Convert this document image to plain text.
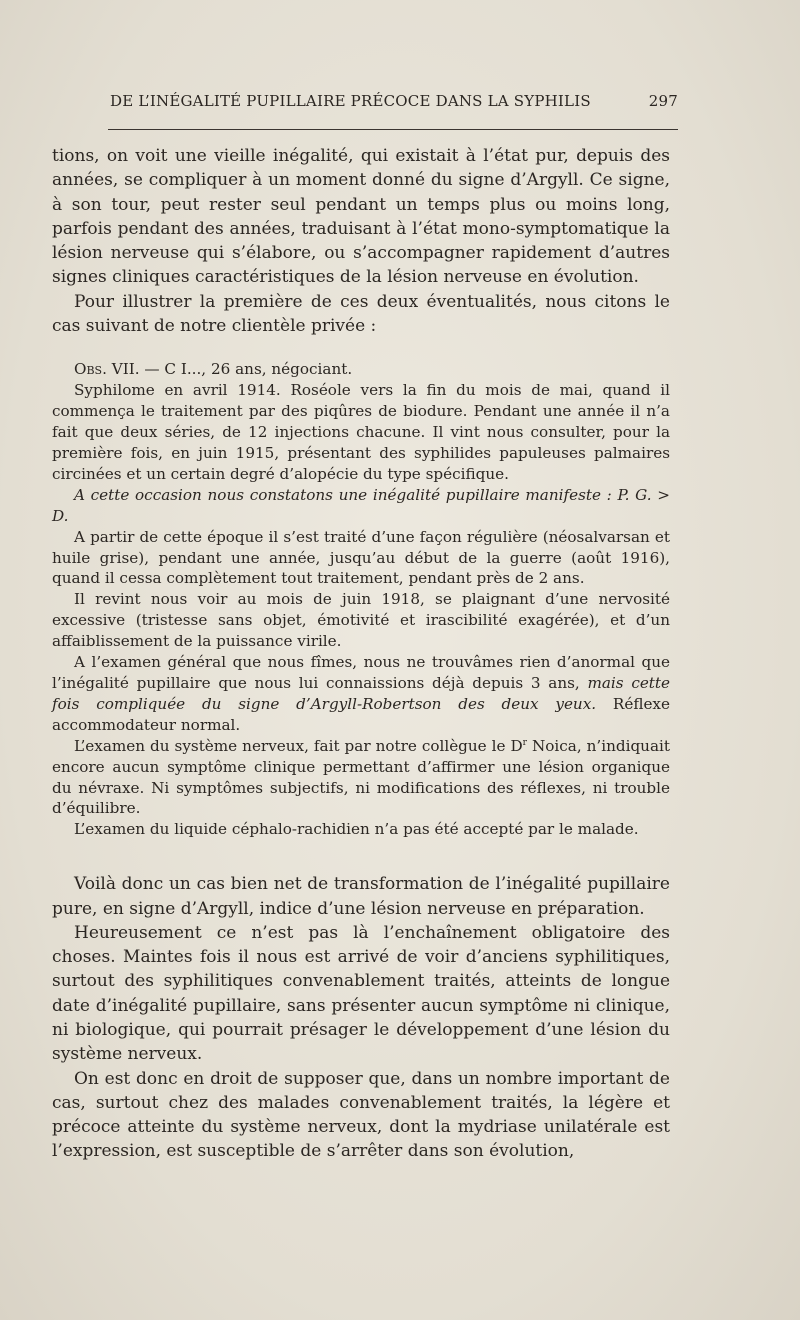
DE L’INÉGALITÉ PUPILLAIRE PRÉCOCE DANS LA SYPHILIS	297

tions, on voit une vieille inégalité, qui existait à l’état pur, depuis des années, se compliquer à un moment donné du signe d’Argyll. Ce signe, à son tour, peut rester seul pendant un temps plus ou moins long, parfois pendant des années, traduisant à l’état mono-symptomatique la lésion nerveuse qui s’élabore, ou s’accompagner rapidement d’autres signes cliniques caractéristiques de la lésion nerveuse en évolution.

Pour illustrer la première de ces deux éventualités, nous citons le cas suivant de notre clientèle privée :

Obs. VII. — C I..., 26 ans, négociant.

Syphilome en avril 1914. Roséole vers la fin du mois de mai, quand il commença le traitement par des piqûres de biodure. Pendant une année il n’a fait que deux séries, de 12 injections chacune. Il vint nous consulter, pour la première fois, en juin 1915, présentant des syphilides papuleuses palmaires circinées et un certain degré d’alopécie du type spécifique.

A cette occasion nous constatons une inégalité pupillaire manifeste : P. G. > D.

A partir de cette époque il s’est traité d’une façon régulière (néosalvarsan et huile grise), pendant une année, jusqu’au début de la guerre (août 1916), quand il cessa complètement tout traitement, pendant près de 2 ans.

Il revint nous voir au mois de juin 1918, se plaignant d’une nervosité excessive (tristesse sans objet, émotivité et irascibilité exagérée), et d’un affaiblissement de la puissance virile.

A l’examen général que nous fîmes, nous ne trouvâmes rien d’anormal que l’inégalité pupillaire que nous lui connaissions déjà depuis 3 ans, mais cette fois compliquée du signe d’Argyll-Robertson des deux yeux. Réflexe accommodateur normal.

L’examen du système nerveux, fait par notre collègue le $D^r$ Noica, n’indiquait encore aucun symptôme clinique permettant d’affirmer une lésion organique du névraxe. Ni symptômes subjectifs, ni modifications des réflexes, ni trouble d’équilibre.

L’examen du liquide céphalo-rachidien n’a pas été accepté par le malade.

Voilà donc un cas bien net de transformation de l’inégalité pupillaire pure, en signe d’Argyll, indice d’une lésion nerveuse en préparation.

Heureusement ce n’est pas là l’enchaînement obligatoire des choses. Maintes fois il nous est arrivé de voir d’anciens syphilitiques, surtout des syphilitiques convenablement traités, atteints de longue date d’inégalité pupillaire, sans présenter aucun symptôme ni clinique, ni biologique, qui pourrait présager le développement d’une lésion du système nerveux.

On est donc en droit de supposer que, dans un nombre important de cas, surtout chez des malades convenablement traités, la légère et précoce atteinte du système nerveux, dont la mydriase unilatérale est l’expression, est susceptible de s’arrêter dans son évolution,
